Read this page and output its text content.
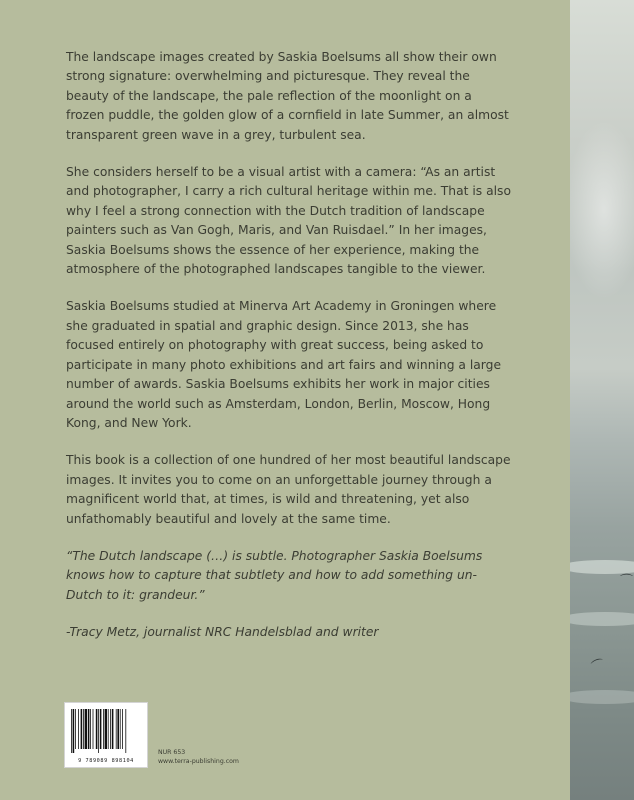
The landscape images created by Saskia Boelsums all show their own strong signature: overwhelming and picturesque. They reveal the beauty of the landscape, the pale reflection of the moonlight on a frozen puddle, the golden glow of a cornfield in late Summer, an almost transparent green wave in a grey, turbulent sea.

She considers herself to be a visual artist with a camera: “As an artist and photographer, I carry a rich cultural heritage within me. That is also why I feel a strong connection with the Dutch tradition of landscape painters such as Van Gogh, Maris, and Van Ruisdael.” In her images, Saskia Boelsums shows the essence of her experience, making the atmosphere of the photographed landscapes tangible to the viewer.

Saskia Boelsums studied at Minerva Art Academy in Groningen where she graduated in spatial and graphic design. Since 2013, she has focused entirely on photography with great success, being asked to participate in many photo exhibitions and art fairs and winning a large number of awards. Saskia Boelsums exhibits her work in major cities around the world such as Amsterdam, London, Berlin, Moscow, Hong Kong, and New York.

This book is a collection of one hundred of her most beautiful landscape images. It invites you to come on an unforgettable journey through a magnificent world that, at times, is wild and threatening, yet also unfathomably beautiful and lovely at the same time.

“The Dutch landscape (…) is subtle. Photographer Saskia Boelsums knows how to capture that subtlety and how to add something un-Dutch to it: grandeur.”

-Tracy Metz, journalist NRC Handelsblad and writer

⌒
⌒
9 789089 898104
NUR 653
www.terra-publishing.com
